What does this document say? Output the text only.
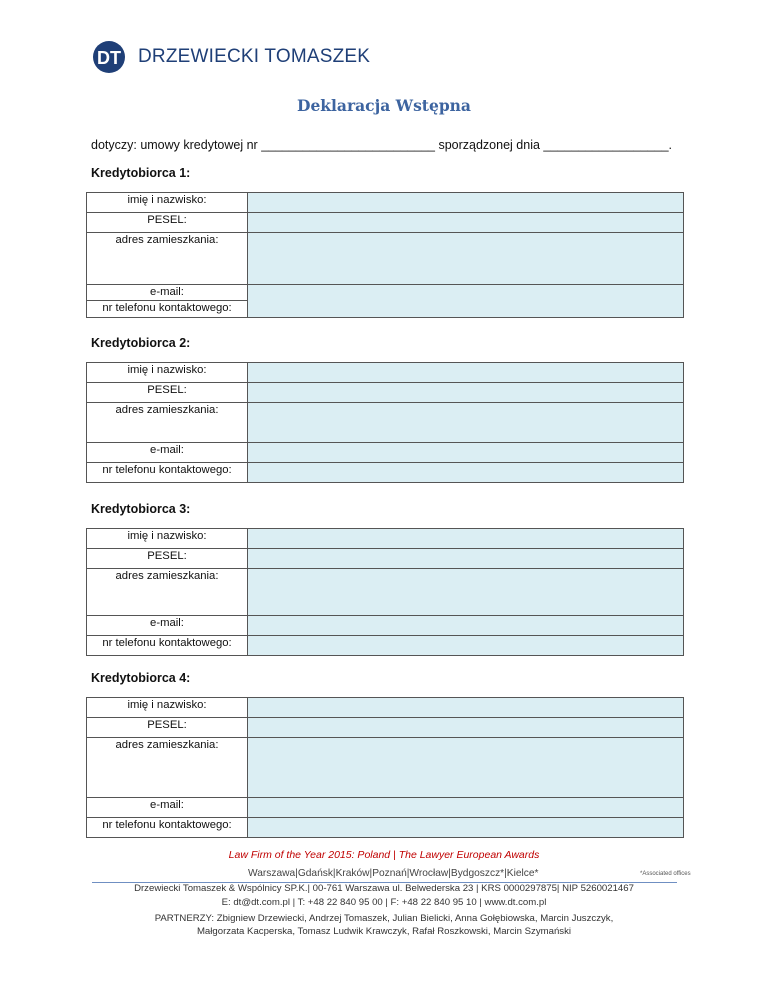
DT DRZEWIECKI TOMASZEK
Deklaracja Wstępna
dotyczy: umowy kredytowej nr _________________________ sporządzonej dnia __________________.
Kredytobiorca 1:
imię i nazwisko:	
PESEL:	
adres zamieszkania:	
e-mail:	
nr telefonu kontaktowego:	
Kredytobiorca 2:
imię i nazwisko:	
PESEL:	
adres zamieszkania:	
e-mail:	
nr telefonu kontaktowego:	
Kredytobiorca 3:
imię i nazwisko:	
PESEL:	
adres zamieszkania:	
e-mail:	
nr telefonu kontaktowego:	
Kredytobiorca 4:
imię i nazwisko:	
PESEL:	
adres zamieszkania:	
e-mail:	
nr telefonu kontaktowego:	
Law Firm of the Year 2015: Poland | The Lawyer European Awards
Warszawa|Gdańsk|Kraków|Poznań|Wrocław|Bydgoszcz*|Kielce*	*Associated offices
Drzewiecki Tomaszek & Wspólnicy SP.K.| 00-761 Warszawa ul. Belwederska 23 | KRS 0000297875| NIP 5260021467
E: dt@dt.com.pl | T: +48 22 840 95 00 | F: +48 22 840 95 10 | www.dt.com.pl
PARTNERZY: Zbigniew Drzewiecki, Andrzej Tomaszek, Julian Bielicki, Anna Gołębiowska, Marcin Juszczyk,
Małgorzata Kacperska, Tomasz Ludwik Krawczyk, Rafał Roszkowski, Marcin Szymański
